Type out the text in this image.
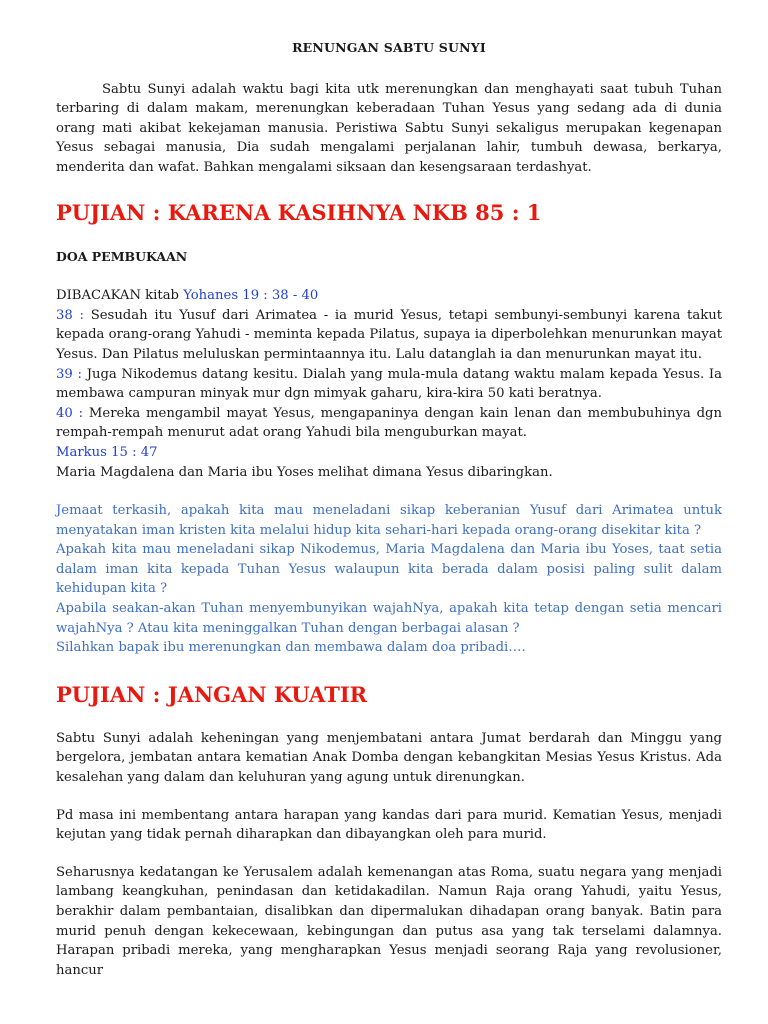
RENUNGAN SABTU SUNYI

Sabtu Sunyi adalah waktu bagi kita utk merenungkan dan menghayati saat tubuh Tuhan terbaring di dalam makam, merenungkan keberadaan Tuhan Yesus yang sedang ada di dunia orang mati akibat kekejaman manusia. Peristiwa Sabtu Sunyi sekaligus merupakan kegenapan Yesus sebagai manusia, Dia sudah mengalami perjalanan lahir, tumbuh dewasa, berkarya, menderita dan wafat. Bahkan mengalami siksaan dan kesengsaraan terdashyat.

PUJIAN : KARENA KASIHNYA NKB 85 : 1

DOA PEMBUKAAN

DIBACAKAN kitab Yohanes 19 : 38 - 40

38 : Sesudah itu Yusuf dari Arimatea - ia murid Yesus, tetapi sembunyi-sembunyi karena takut kepada orang-orang Yahudi - meminta kepada Pilatus, supaya ia diperbolehkan menurunkan mayat Yesus. Dan Pilatus meluluskan permintaannya itu. Lalu datanglah ia dan menurunkan mayat itu.

39 : Juga Nikodemus datang kesitu. Dialah yang mula-mula datang waktu malam kepada Yesus. Ia membawa campuran minyak mur dgn mimyak gaharu, kira-kira 50 kati beratnya.

40 : Mereka mengambil mayat Yesus, mengapaninya dengan kain lenan dan membubuhinya dgn rempah-rempah menurut adat orang Yahudi bila menguburkan mayat.

Markus 15 : 47

Maria Magdalena dan Maria ibu Yoses melihat dimana Yesus dibaringkan.

Jemaat terkasih, apakah kita mau meneladani sikap keberanian Yusuf dari Arimatea untuk menyatakan iman kristen kita melalui hidup kita sehari-hari kepada orang-orang disekitar kita ?

Apakah kita mau meneladani sikap Nikodemus, Maria Magdalena dan Maria ibu Yoses, taat setia dalam iman kita kepada Tuhan Yesus walaupun kita berada dalam posisi paling sulit dalam kehidupan kita ?

Apabila seakan-akan Tuhan menyembunyikan wajahNya, apakah kita tetap dengan setia mencari wajahNya ? Atau kita meninggalkan Tuhan dengan berbagai alasan ?

Silahkan bapak ibu merenungkan dan membawa dalam doa pribadi….

PUJIAN : JANGAN KUATIR

Sabtu Sunyi adalah keheningan yang menjembatani antara Jumat berdarah dan Minggu yang bergelora, jembatan antara kematian Anak Domba dengan kebangkitan Mesias Yesus Kristus. Ada kesalehan yang dalam dan keluhuran yang agung untuk direnungkan.

Pd masa ini membentang antara harapan yang kandas dari para murid. Kematian Yesus, menjadi kejutan yang tidak pernah diharapkan dan dibayangkan oleh para murid.

Seharusnya kedatangan ke Yerusalem adalah kemenangan atas Roma, suatu negara yang menjadi lambang keangkuhan, penindasan dan ketidakadilan. Namun Raja orang Yahudi, yaitu Yesus, berakhir dalam pembantaian, disalibkan dan dipermalukan dihadapan orang banyak. Batin para murid penuh dengan kekecewaan, kebingungan dan putus asa yang tak terselami dalamnya. Harapan pribadi mereka, yang mengharapkan Yesus menjadi seorang Raja yang revolusioner, hancur
